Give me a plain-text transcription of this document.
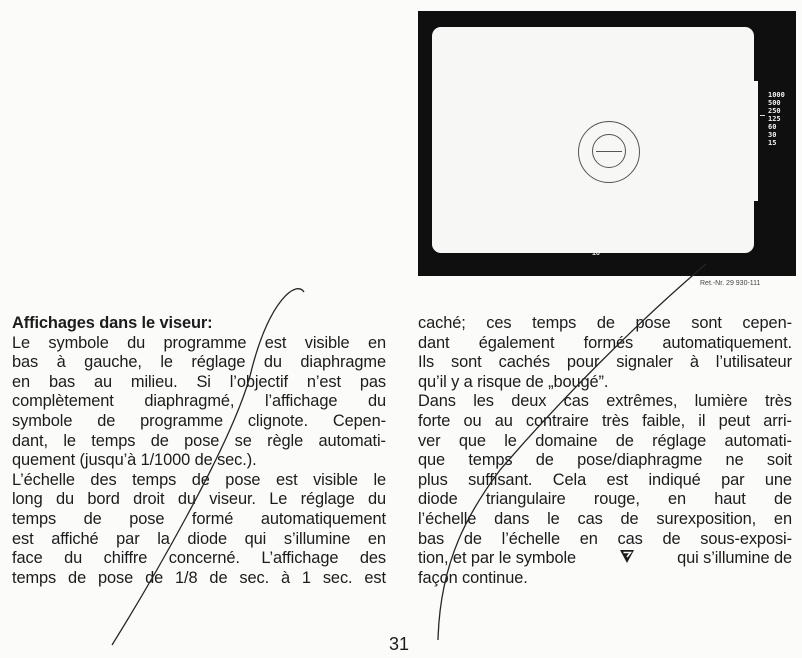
1000
500
250
125
60
30
15
16
Ret.-Nr. 29 930-111
Affichages dans le viseur:
Le symbole du programme est visible en
bas à gauche, le réglage du diaphragme
en bas au milieu. Si l’objectif n’est pas
complètement diaphragmé, l’affichage du
symbole de programme clignote. Cepen-
dant, le temps de pose se règle automati-
quement (jusqu’à 1/1000 de sec.).
L’échelle des temps de pose est visible le
long du bord droit du viseur. Le réglage du
temps de pose formé automatiquement
est affiché par la diode qui s’illumine en
face du chiffre concerné. L’affichage des
temps de pose de 1/8 de sec. à 1 sec. est
caché; ces temps de pose sont cepen-
dant également formés automatiquement.
Ils sont cachés pour signaler à l’utilisateur
qu’il y a risque de „bougé”.
Dans les deux cas extrêmes, lumière très
forte ou au contraire très faible, il peut arri-
ver que le domaine de réglage automati-
que temps de pose/diaphragme ne soit
plus suffisant. Cela est indiqué par une
diode triangulaire rouge, en haut de
l’échelle dans le cas de surexposition, en
bas de l’échelle en cas de sous-exposi-
tion, et par le symbole	qui s’illumine de
façon continue.
31
